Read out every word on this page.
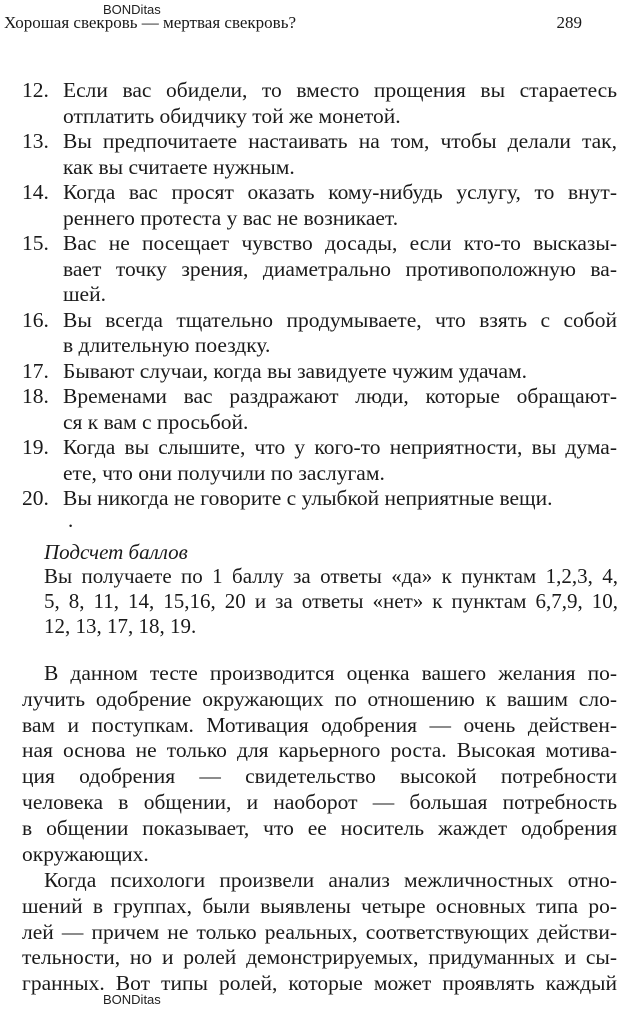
BONDitas
Хорошая свекровь — мертвая свекровь?	289
12. Если вас обидели, то вместо прощения вы стараетесь
отплатить обидчику той же монетой.
13. Вы предпочитаете настаивать на том, чтобы делали так,
как вы считаете нужным.
14. Когда вас просят оказать кому-нибудь услугу, то внут-
реннего протеста у вас не возникает.
15. Вас не посещает чувство досады, если кто-то высказы-
вает точку зрения, диаметрально противоположную ва-
шей.
16. Вы всегда тщательно продумываете, что взять с собой
в длительную поездку.
17. Бывают случаи, когда вы завидуете чужим удачам.
18. Временами вас раздражают люди, которые обращают-
ся к вам с просьбой.
19. Когда вы слышите, что у кого-то неприятности, вы дума-
ете, что они получили по заслугам.
20. Вы никогда не говорите с улыбкой неприятные вещи.
.
Подсчет баллов
Вы получаете по 1 баллу за ответы «да» к пунктам 1,2,3, 4,
5, 8, 11, 14, 15,16, 20 и за ответы «нет» к пунктам 6,7,9, 10,
12, 13, 17, 18, 19.
В данном тесте производится оценка вашего желания по-
лучить одобрение окружающих по отношению к вашим сло-
вам и поступкам. Мотивация одобрения — очень действен-
ная основа не только для карьерного роста. Высокая мотива-
ция одобрения — свидетельство высокой потребности
человека в общении, и наоборот — большая потребность
в общении показывает, что ее носитель жаждет одобрения
окружающих.
Когда психологи произвели анализ межличностных отно-
шений в группах, были выявлены четыре основных типа ро-
лей — причем не только реальных, соответствующих действи-
тельности, но и ролей демонстрируемых, придуманных и сы-
гранных. Вот типы ролей, которые может проявлять каждый
BONDitas
